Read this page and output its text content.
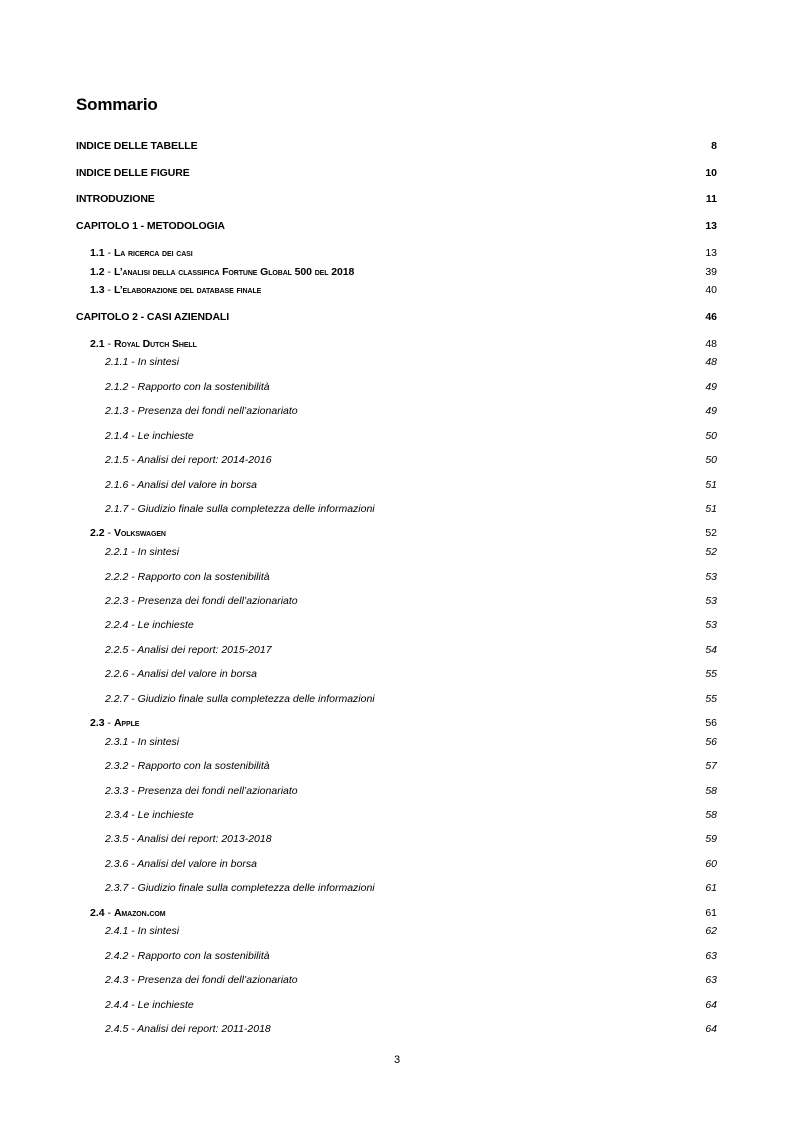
Sommario
INDICE DELLE TABELLE	8
INDICE DELLE FIGURE	10
INTRODUZIONE	11
CAPITOLO 1 - METODOLOGIA	13
1.1 - La ricerca dei casi	13
1.2 - L’analisi della classifica Fortune Global 500 del 2018	39
1.3 - L’elaborazione del database finale	40
CAPITOLO 2 - CASI AZIENDALI	46
2.1 - Royal Dutch Shell	48
2.1.1 - In sintesi	48
2.1.2 - Rapporto con la sostenibilità	49
2.1.3 - Presenza dei fondi nell’azionariato	49
2.1.4 - Le inchieste	50
2.1.5 - Analisi dei report: 2014-2016	50
2.1.6 - Analisi del valore in borsa	51
2.1.7 - Giudizio finale sulla completezza delle informazioni	51
2.2 - Volkswagen	52
2.2.1 - In sintesi	52
2.2.2 - Rapporto con la sostenibilità	53
2.2.3 - Presenza dei fondi dell’azionariato	53
2.2.4 - Le inchieste	53
2.2.5 - Analisi dei report: 2015-2017	54
2.2.6 - Analisi del valore in borsa	55
2.2.7 - Giudizio finale sulla completezza delle informazioni	55
2.3 - Apple	56
2.3.1 - In sintesi	56
2.3.2 - Rapporto con la sostenibilità	57
2.3.3 - Presenza dei fondi nell’azionariato	58
2.3.4 - Le inchieste	58
2.3.5 - Analisi dei report: 2013-2018	59
2.3.6 - Analisi del valore in borsa	60
2.3.7 - Giudizio finale sulla completezza delle informazioni	61
2.4 - Amazon.com	61
2.4.1 - In sintesi	62
2.4.2 - Rapporto con la sostenibilità	63
2.4.3 - Presenza dei fondi dell’azionariato	63
2.4.4 - Le inchieste	64
2.4.5 - Analisi dei report: 2011-2018	64
3
